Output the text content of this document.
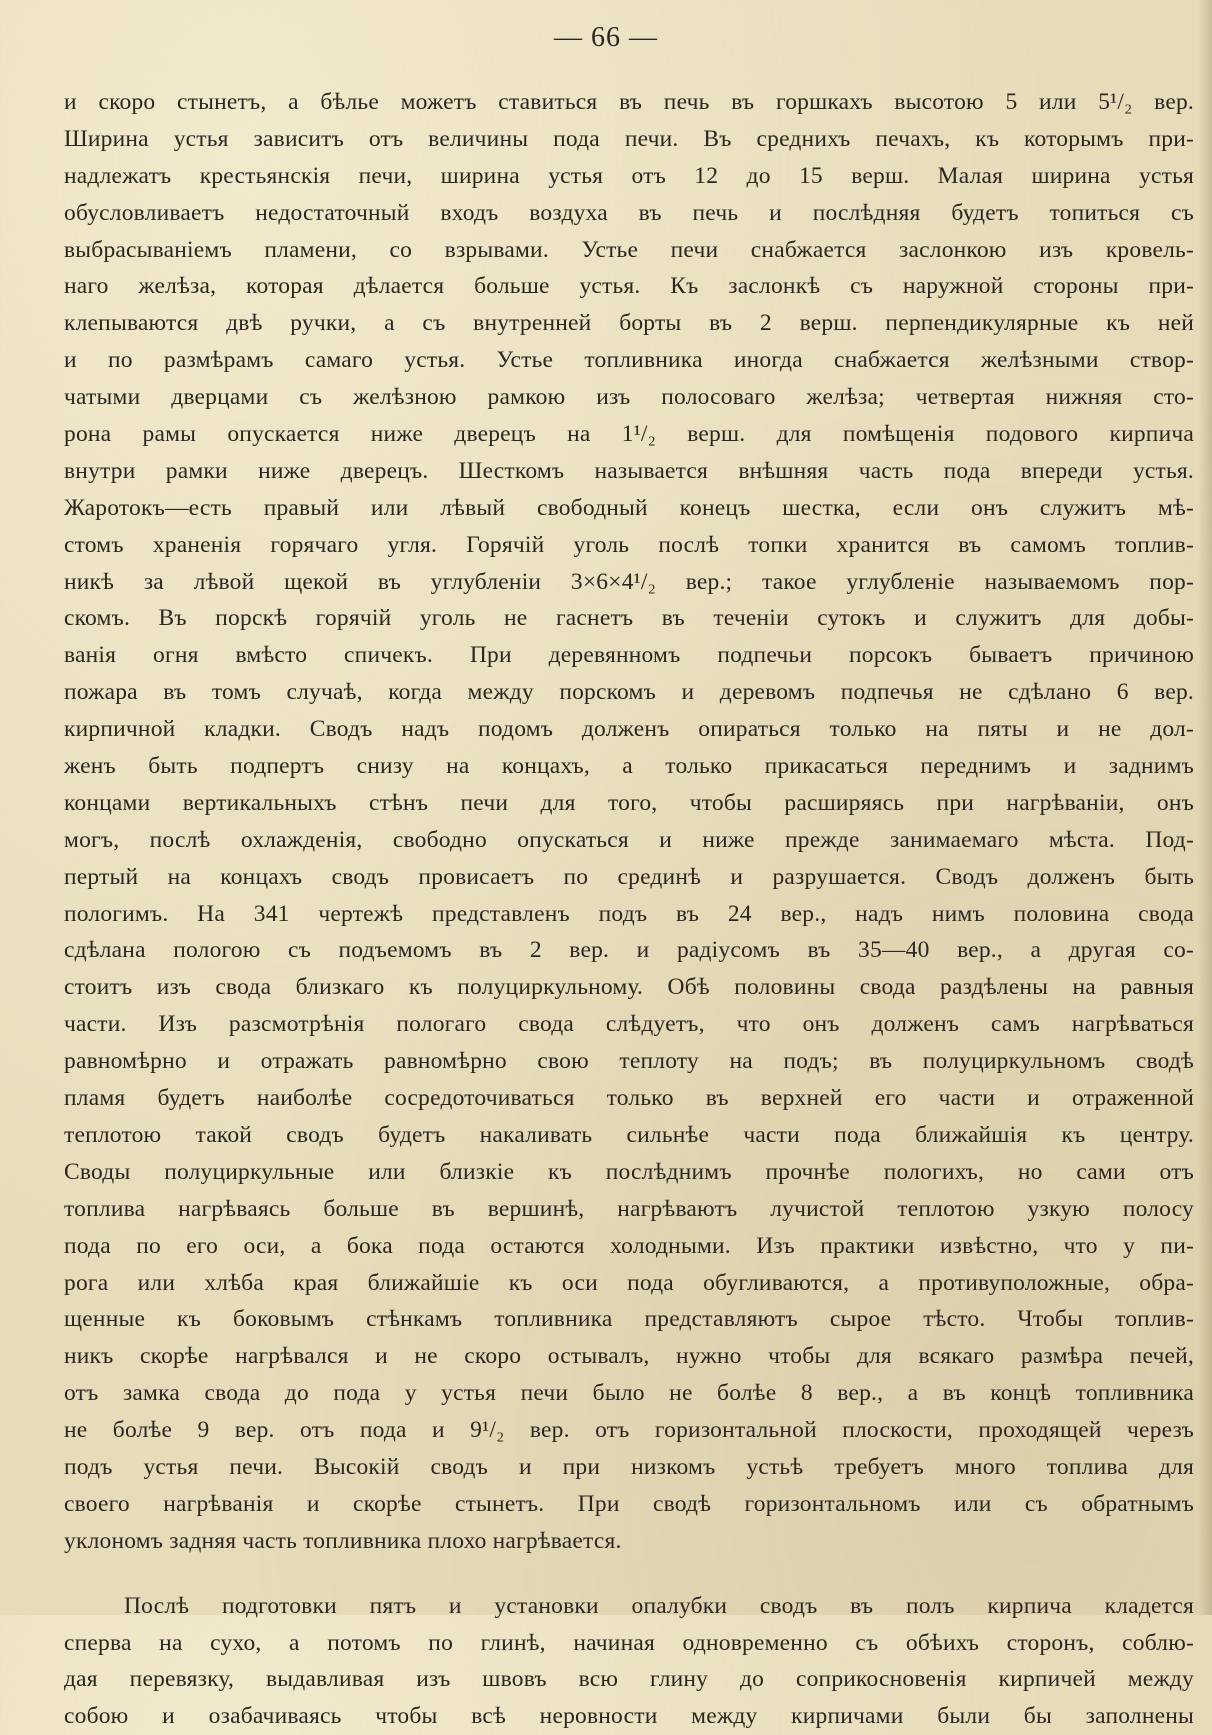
— 66 —
и скоро стынетъ, а бѣлье можетъ ставиться въ печь въ горшкахъ высотою 5 или 5¹/₂ вер.
Ширина устья зависитъ отъ величины пода печи. Въ среднихъ печахъ, къ которымъ при-
надлежатъ крестьянскія печи, ширина устья отъ 12 до 15 верш. Малая ширина устья
обусловливаетъ недостаточный входъ воздуха въ печь и послѣдняя будетъ топиться съ
выбрасываніемъ пламени, со взрывами. Устье печи снабжается заслонкою изъ кровель-
наго желѣза, которая дѣлается больше устья. Къ заслонкѣ съ наружной стороны при-
клепываются двѣ ручки, а съ внутренней борты въ 2 верш. перпендикулярные къ ней
и по размѣрамъ самаго устья. Устье топливника иногда снабжается желѣзными створ-
чатыми дверцами съ желѣзною рамкою изъ полосоваго желѣза; четвертая нижняя сто-
рона рамы опускается ниже дверецъ на 1¹/₂ верш. для помѣщенія подового кирпича
внутри рамки ниже дверецъ. Шесткомъ называется внѣшняя часть пода впереди устья.
Жаротокъ—есть правый или лѣвый свободный конецъ шестка, если онъ служитъ мѣ-
стомъ храненія горячаго угля. Горячій уголь послѣ топки хранится въ самомъ топлив-
никѣ за лѣвой щекой въ углубленіи 3×6×4¹/₂ вер.; такое углубленіе называемомъ пор-
скомъ. Въ порскѣ горячій уголь не гаснетъ въ теченіи сутокъ и служитъ для добы-
ванія огня вмѣсто спичекъ. При деревянномъ подпечьи порсокъ бываетъ причиною
пожара въ томъ случаѣ, когда между порскомъ и деревомъ подпечья не сдѣлано 6 вер.
кирпичной кладки. Сводъ надъ подомъ долженъ опираться только на пяты и не дол-
женъ быть подпертъ снизу на концахъ, а только прикасаться переднимъ и заднимъ
концами вертикальныхъ стѣнъ печи для того, чтобы расширяясь при нагрѣваніи, онъ
могъ, послѣ охлажденія, свободно опускаться и ниже прежде занимаемаго мѣста. Под-
пертый на концахъ сводъ провисаетъ по срединѣ и разрушается. Сводъ долженъ быть
пологимъ. На 341 чертежѣ представленъ подъ въ 24 вер., надъ нимъ половина свода
сдѣлана пологою съ подъемомъ въ 2 вер. и радіусомъ въ 35—40 вер., а другая со-
стоитъ изъ свода близкаго къ полуциркульному. Обѣ половины свода раздѣлены на равныя
части. Изъ разсмотрѣнія пологаго свода слѣдуетъ, что онъ долженъ самъ нагрѣваться
равномѣрно и отражать равномѣрно свою теплоту на подъ; въ полуциркульномъ сводѣ
пламя будетъ наиболѣе сосредоточиваться только въ верхней его части и отраженной
теплотою такой сводъ будетъ накаливать сильнѣе части пода ближайшія къ центру.
Своды полуциркульные или близкіе къ послѣднимъ прочнѣе пологихъ, но сами отъ
топлива нагрѣваясь больше въ вершинѣ, нагрѣваютъ лучистой теплотою узкую полосу
пода по его оси, а бока пода остаются холодными. Изъ практики извѣстно, что у пи-
рога или хлѣба края ближайшіе къ оси пода обугливаются, а противуположные, обра-
щенные къ боковымъ стѣнкамъ топливника представляютъ сырое тѣсто. Чтобы топлив-
никъ скорѣе нагрѣвался и не скоро остывалъ, нужно чтобы для всякаго размѣра печей,
отъ замка свода до пода у устья печи было не болѣе 8 вер., а въ концѣ топливника
не болѣе 9 вер. отъ пода и 9¹/₂ вер. отъ горизонтальной плоскости, проходящей черезъ
подъ устья печи. Высокій сводъ и при низкомъ устьѣ требуетъ много топлива для
своего нагрѣванія и скорѣе стынетъ. При сводѣ горизонтальномъ или съ обратнымъ
уклономъ задняя часть топливника плохо нагрѣвается.
Послѣ подготовки пятъ и установки опалубки сводъ въ полъ кирпича кладется
сперва на сухо, а потомъ по глинѣ, начиная одновременно съ обѣихъ сторонъ, соблю-
дая перевязку, выдавливая изъ швовъ всю глину до соприкосновенія кирпичей между
собою и озабачиваясь чтобы всѣ неровности между кирпичами были бы заполнены
